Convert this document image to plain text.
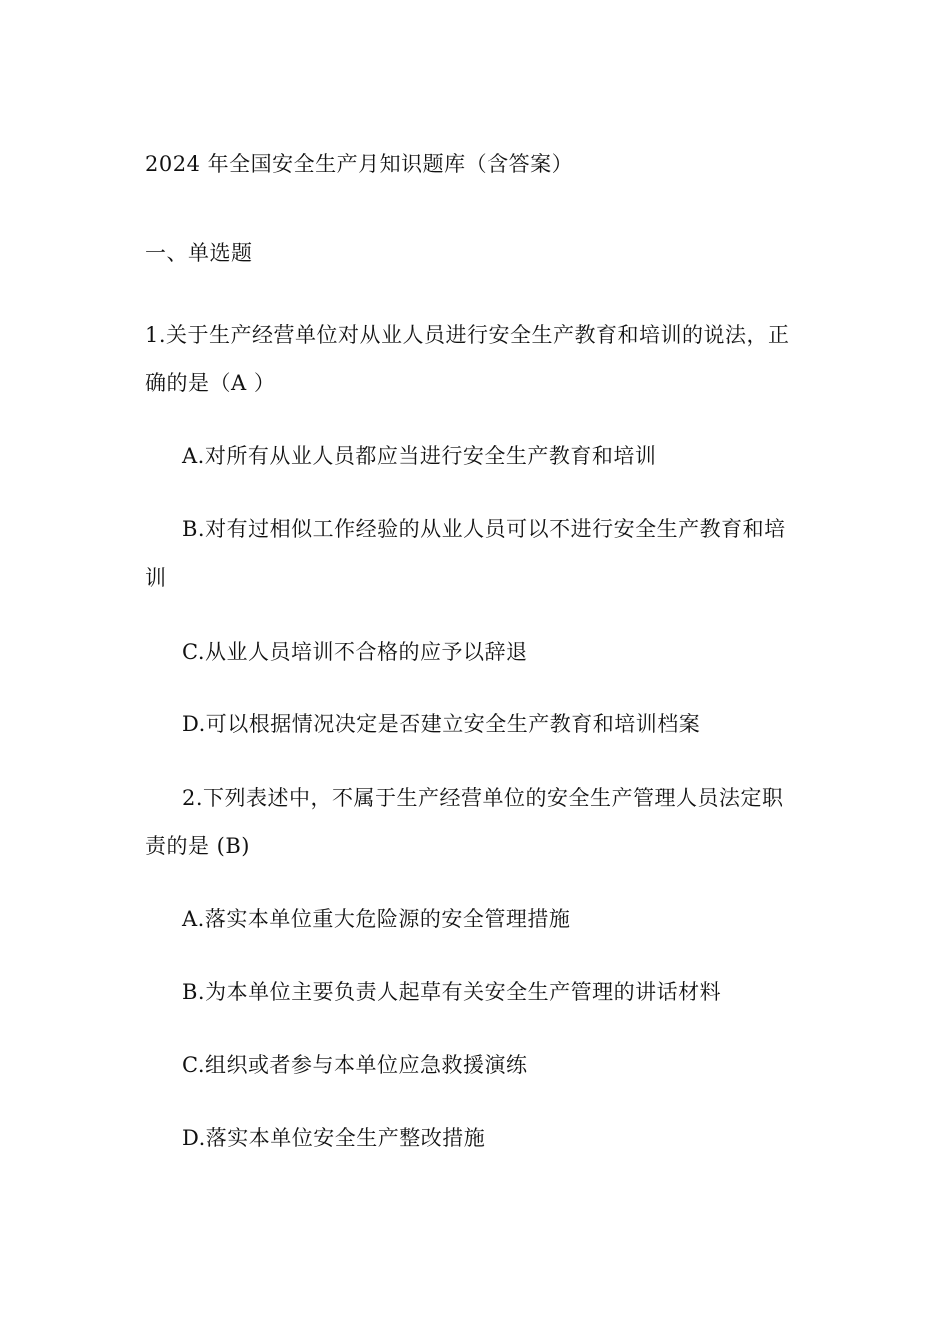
2024 年全国安全生产月知识题库（含答案）
一、单选题
1.关于生产经营单位对从业人员进行安全生产教育和培训的说法，正
确的是（A ）
A.对所有从业人员都应当进行安全生产教育和培训
B.对有过相似工作经验的从业人员可以不进行安全生产教育和培
训
C.从业人员培训不合格的应予以辞退
D.可以根据情况决定是否建立安全生产教育和培训档案
2.下列表述中，不属于生产经营单位的安全生产管理人员法定职
责的是 (B)
A.落实本单位重大危险源的安全管理措施
B.为本单位主要负责人起草有关安全生产管理的讲话材料
C.组织或者参与本单位应急救援演练
D.落实本单位安全生产整改措施
